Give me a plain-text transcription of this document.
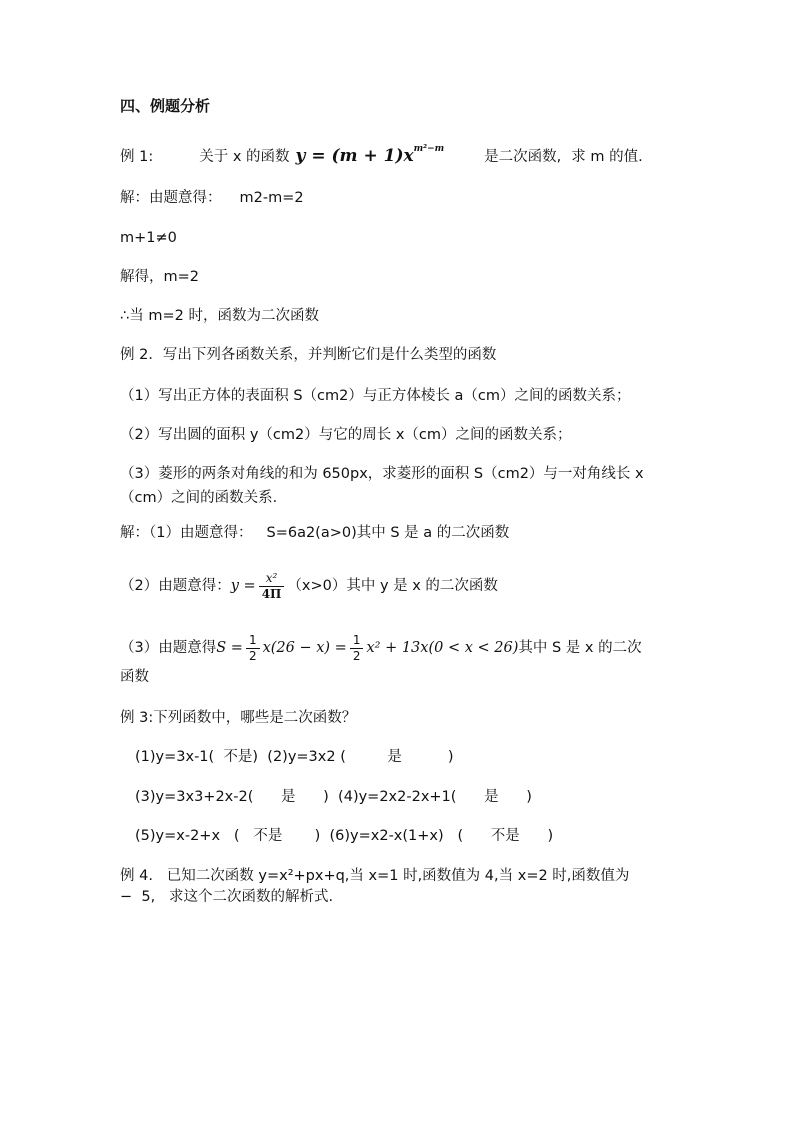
四、例题分析
例 1:	关于 x 的函数 $y = (m + 1)x^{m^2-m}$	是二次函数, 求 m 的值.
解：由题意得： m2-m=2
m+1≠0
解得，m=2
∴当 m=2 时，函数为二次函数
例 2．写出下列各函数关系，并判断它们是什么类型的函数
（1）写出正方体的表面积 S（cm2）与正方体棱长 a（cm）之间的函数关系；
（2）写出圆的面积 y（cm2）与它的周长 x（cm）之间的函数关系；
（3）菱形的两条对角线的和为 650px，求菱形的面积 S（cm2）与一对角线长 x
（cm）之间的函数关系．
解：（1）由题意得： S=6a2(a>0)其中 S 是 a 的二次函数
（2）由题意得：$y = \frac{\text{x²}}{4\Pi} (x>0)$其中 y 是 x 的二次函数
（3）由题意得$S = \frac{1}{2} x(26 - x) = \frac{1}{2} x^2 + 13x(0 < x < 26)$其中 S 是 x 的二次
函数
例 3:下列函数中，哪些是二次函数？
(1)y=3x-1(  不是)  (2)y=3x2 (         是          )
(3)y=3x3+2x-2(      是      )  (4)y=2x2-2x+1(      是      )
(5)y=x-2+x   (   不是       )  (6)y=x2-x(1+x)   (      不是      )
例 4.   已知二次函数 y=x²+px+q,当 x=1 时,函数值为 4,当 x=2 时,函数值为
−  5,   求这个二次函数的解析式.
